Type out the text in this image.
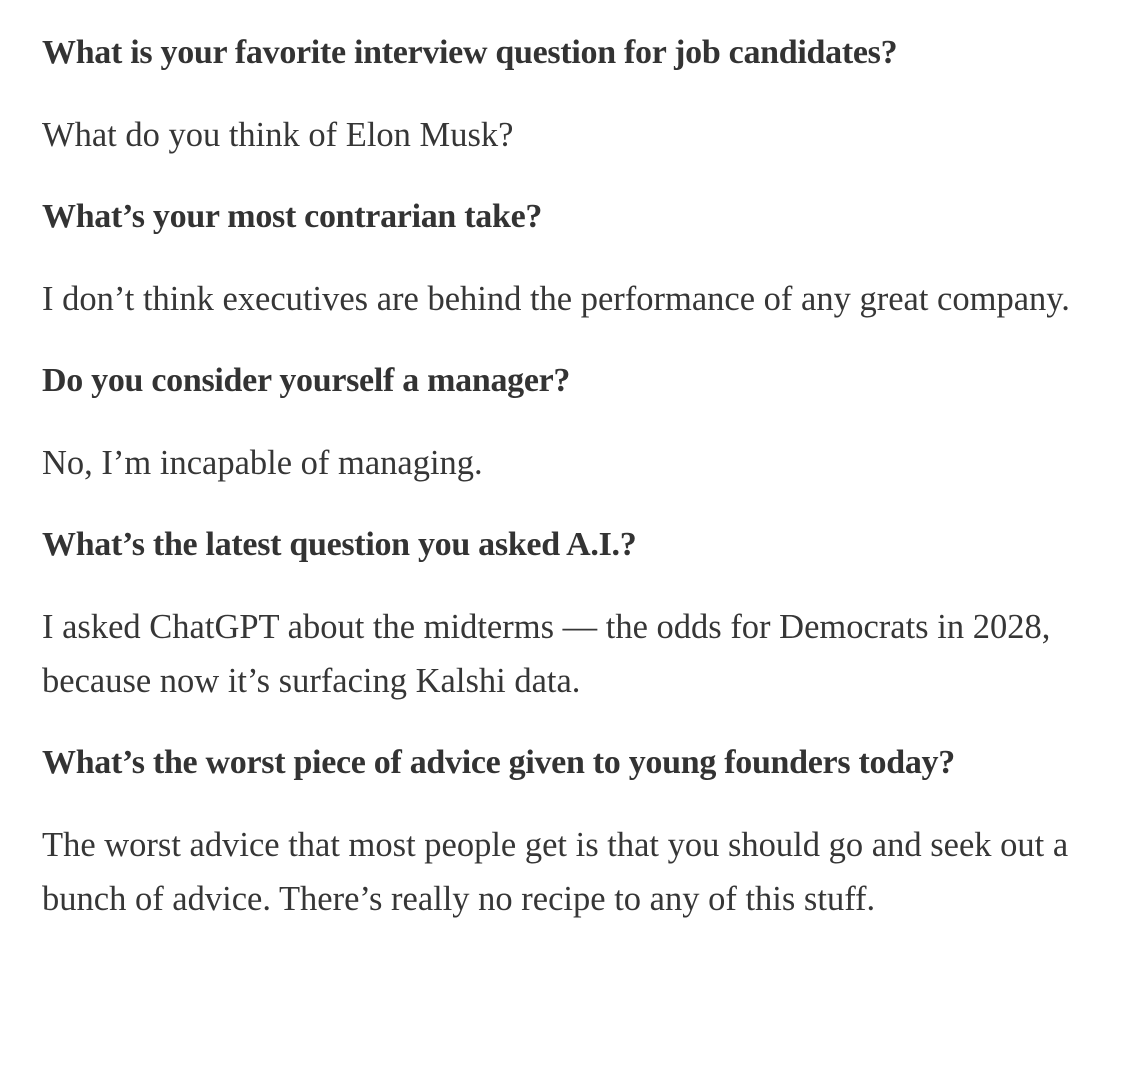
What is your favorite interview question for job candidates?

What do you think of Elon Musk?

What’s your most contrarian take?

I don’t think executives are behind the performance of any great company.

Do you consider yourself a manager?

No, I’m incapable of managing.

What’s the latest question you asked A.I.?

I asked ChatGPT about the midterms — the odds for Democrats in 2028, because now it’s surfacing Kalshi data.

What’s the worst piece of advice given to young founders today?

The worst advice that most people get is that you should go and seek out a bunch of advice. There’s really no recipe to any of this stuff.
